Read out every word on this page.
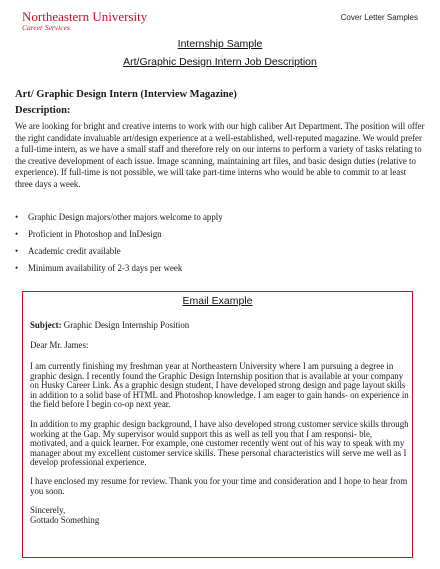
Northeastern University
Career Services
Cover Letter Samples
Internship Sample
Art/Graphic Design Intern Job Description
Art/ Graphic Design Intern (Interview Magazine)
Description:

We are looking for bright and creative interns to work with our high caliber Art Department. The position will offer the right candidate invaluable art/design experience at a well-established, well-reputed magazine. We would prefer a full-time intern, as we have a small staff and therefore rely on our interns to perform a variety of tasks relating to the creative development of each issue. Image scanning, maintaining art files, and basic design duties (relative to experience). If full-time is not possible, we will take part-time interns who would be able to commit to at least three days a week.

• Graphic Design majors/other majors welcome to apply
• Proficient in Photoshop and InDesign
• Academic credit available
• Minimum availability of 2-3 days per week
Email Example

Subject: Graphic Design Internship Position

Dear Mr. James:

I am currently finishing my freshman year at Northeastern University where I am pursuing a degree in graphic design. I recently found the Graphic Design Internship position that is available at your company on Husky Career Link. As a graphic design student, I have developed strong design and page layout skills in addition to a solid base of HTML and Photoshop knowledge. I am eager to gain hands- on experience in the field before I begin co-op next year.

In addition to my graphic design background, I have also developed strong customer service skills through working at the Gap. My supervisor would support this as well as tell you that I am responsi- ble, motivated, and a quick learner. For example, one customer recently went out of his way to speak with my manager about my excellent customer service skills. These personal characteristics will serve me well as I develop professional experience.

I have enclosed my resume for review. Thank you for your time and consideration and I hope to hear from you soon.

Sincerely,

Gottado Something
